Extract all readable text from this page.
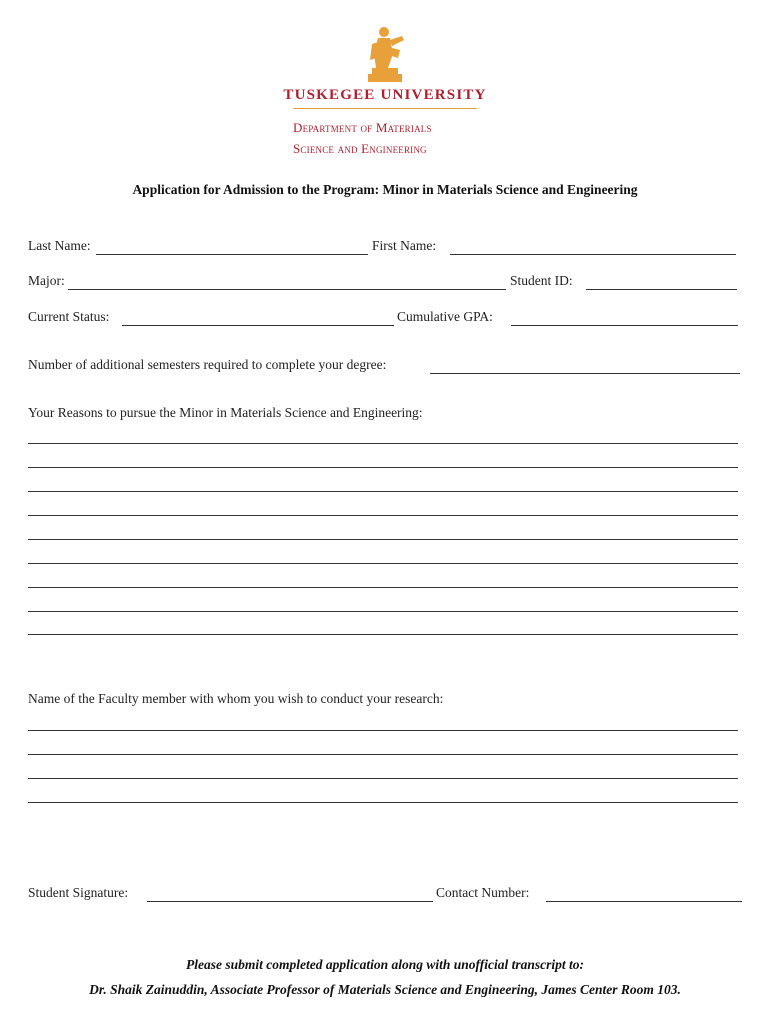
TUSKEGEE UNIVERSITY
Department of Materials
Science and Engineering
Application for Admission to the Program: Minor in Materials Science and Engineering
Last Name:	First Name:
Major:	Student ID:
Current Status:	Cumulative GPA:
Number of additional semesters required to complete your degree:
Your Reasons to pursue the Minor in Materials Science and Engineering:
Name of the Faculty member with whom you wish to conduct your research:
Student Signature:	Contact Number:
Please submit completed application along with unofficial transcript to:
Dr. Shaik Zainuddin, Associate Professor of Materials Science and Engineering, James Center Room 103.
